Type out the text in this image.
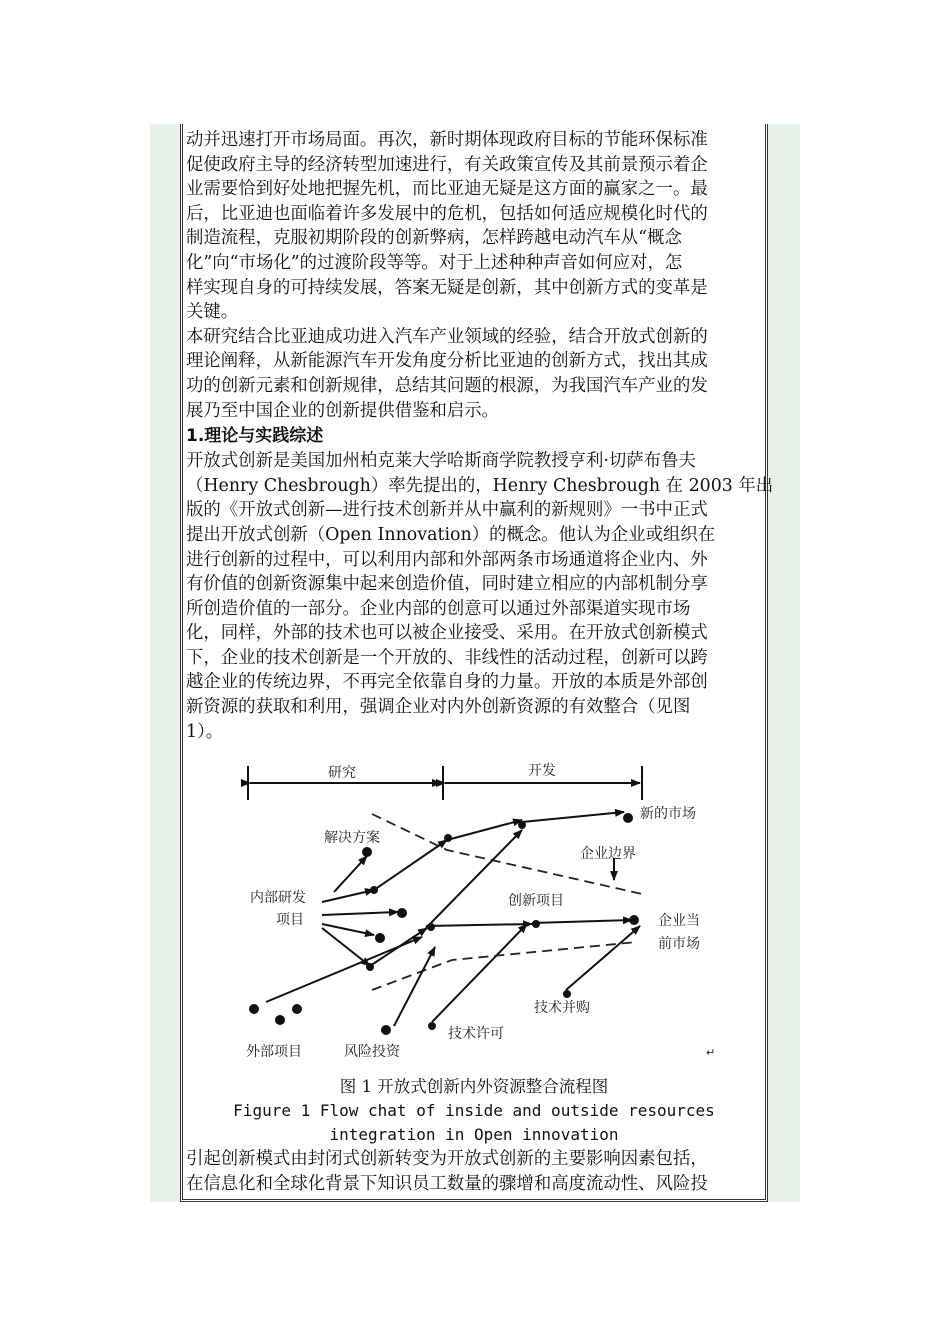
动并迅速打开市场局面。再次，新时期体现政府目标的节能环保标准
促使政府主导的经济转型加速进行，有关政策宣传及其前景预示着企
业需要恰到好处地把握先机，而比亚迪无疑是这方面的赢家之一。最
后，比亚迪也面临着许多发展中的危机，包括如何适应规模化时代的
制造流程，克服初期阶段的创新弊病，怎样跨越电动汽车从“概念
化”向“市场化”的过渡阶段等等。对于上述种种声音如何应对，怎
样实现自身的可持续发展，答案无疑是创新，其中创新方式的变革是
关键。
本研究结合比亚迪成功进入汽车产业领域的经验，结合开放式创新的
理论阐释，从新能源汽车开发角度分析比亚迪的创新方式，找出其成
功的创新元素和创新规律，总结其问题的根源，为我国汽车产业的发
展乃至中国企业的创新提供借鉴和启示。

1.理论与实践综述

开放式创新是美国加州柏克莱大学哈斯商学院教授亨利·切萨布鲁夫
（Henry Chesbrough）率先提出的，Henry Chesbrough 在 2003 年出
版的《开放式创新—进行技术创新并从中赢利的新规则》一书中正式
提出开放式创新（Open Innovation）的概念。他认为企业或组织在
进行创新的过程中，可以利用内部和外部两条市场通道将企业内、外
有价值的创新资源集中起来创造价值，同时建立相应的内部机制分享
所创造价值的一部分。企业内部的创意可以通过外部渠道实现市场
化，同样，外部的技术也可以被企业接受、采用。在开放式创新模式
下，企业的技术创新是一个开放的、非线性的活动过程，创新可以跨
越企业的传统边界，不再完全依靠自身的力量。开放的本质是外部创
新资源的获取和利用，强调企业对内外创新资源的有效整合（见图
1）。
研究	开发
新的市场
解决方案
企业边界
内部研发
项目
创新项目
企业当
前市场
技术并购
技术许可
外部项目	风险投资	↵

图 1 开放式创新内外资源整合流程图

Figure 1 Flow chat of inside and outside resources

integration in Open innovation

引起创新模式由封闭式创新转变为开放式创新的主要影响因素包括，
在信息化和全球化背景下知识员工数量的骤增和高度流动性、风险投
